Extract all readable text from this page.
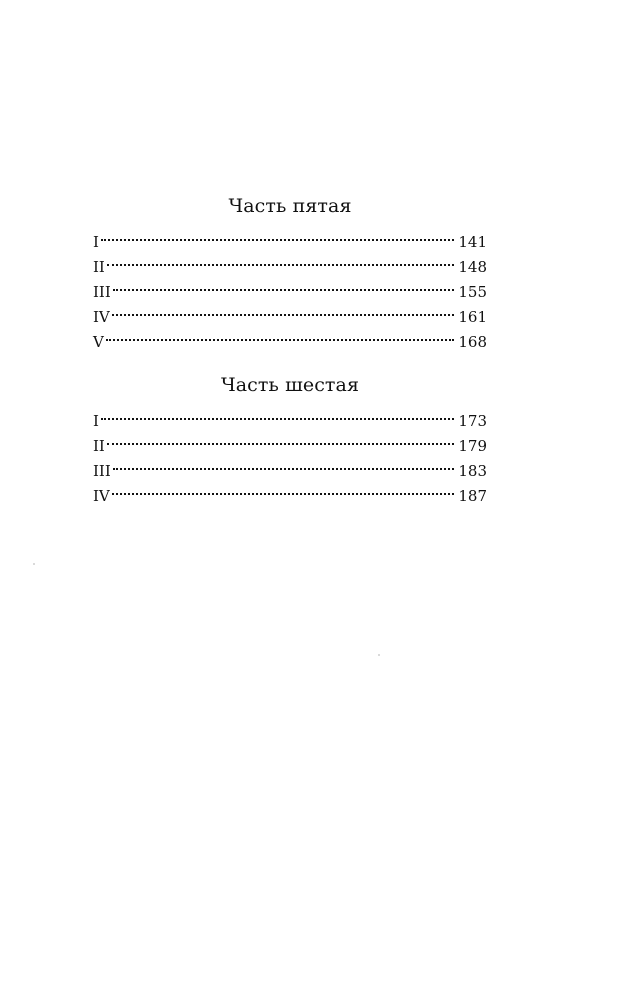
Часть пятая
I	141
II	148
III	155
IV	161
V	168
Часть шестая
I	173
II	179
III	183
IV	187
